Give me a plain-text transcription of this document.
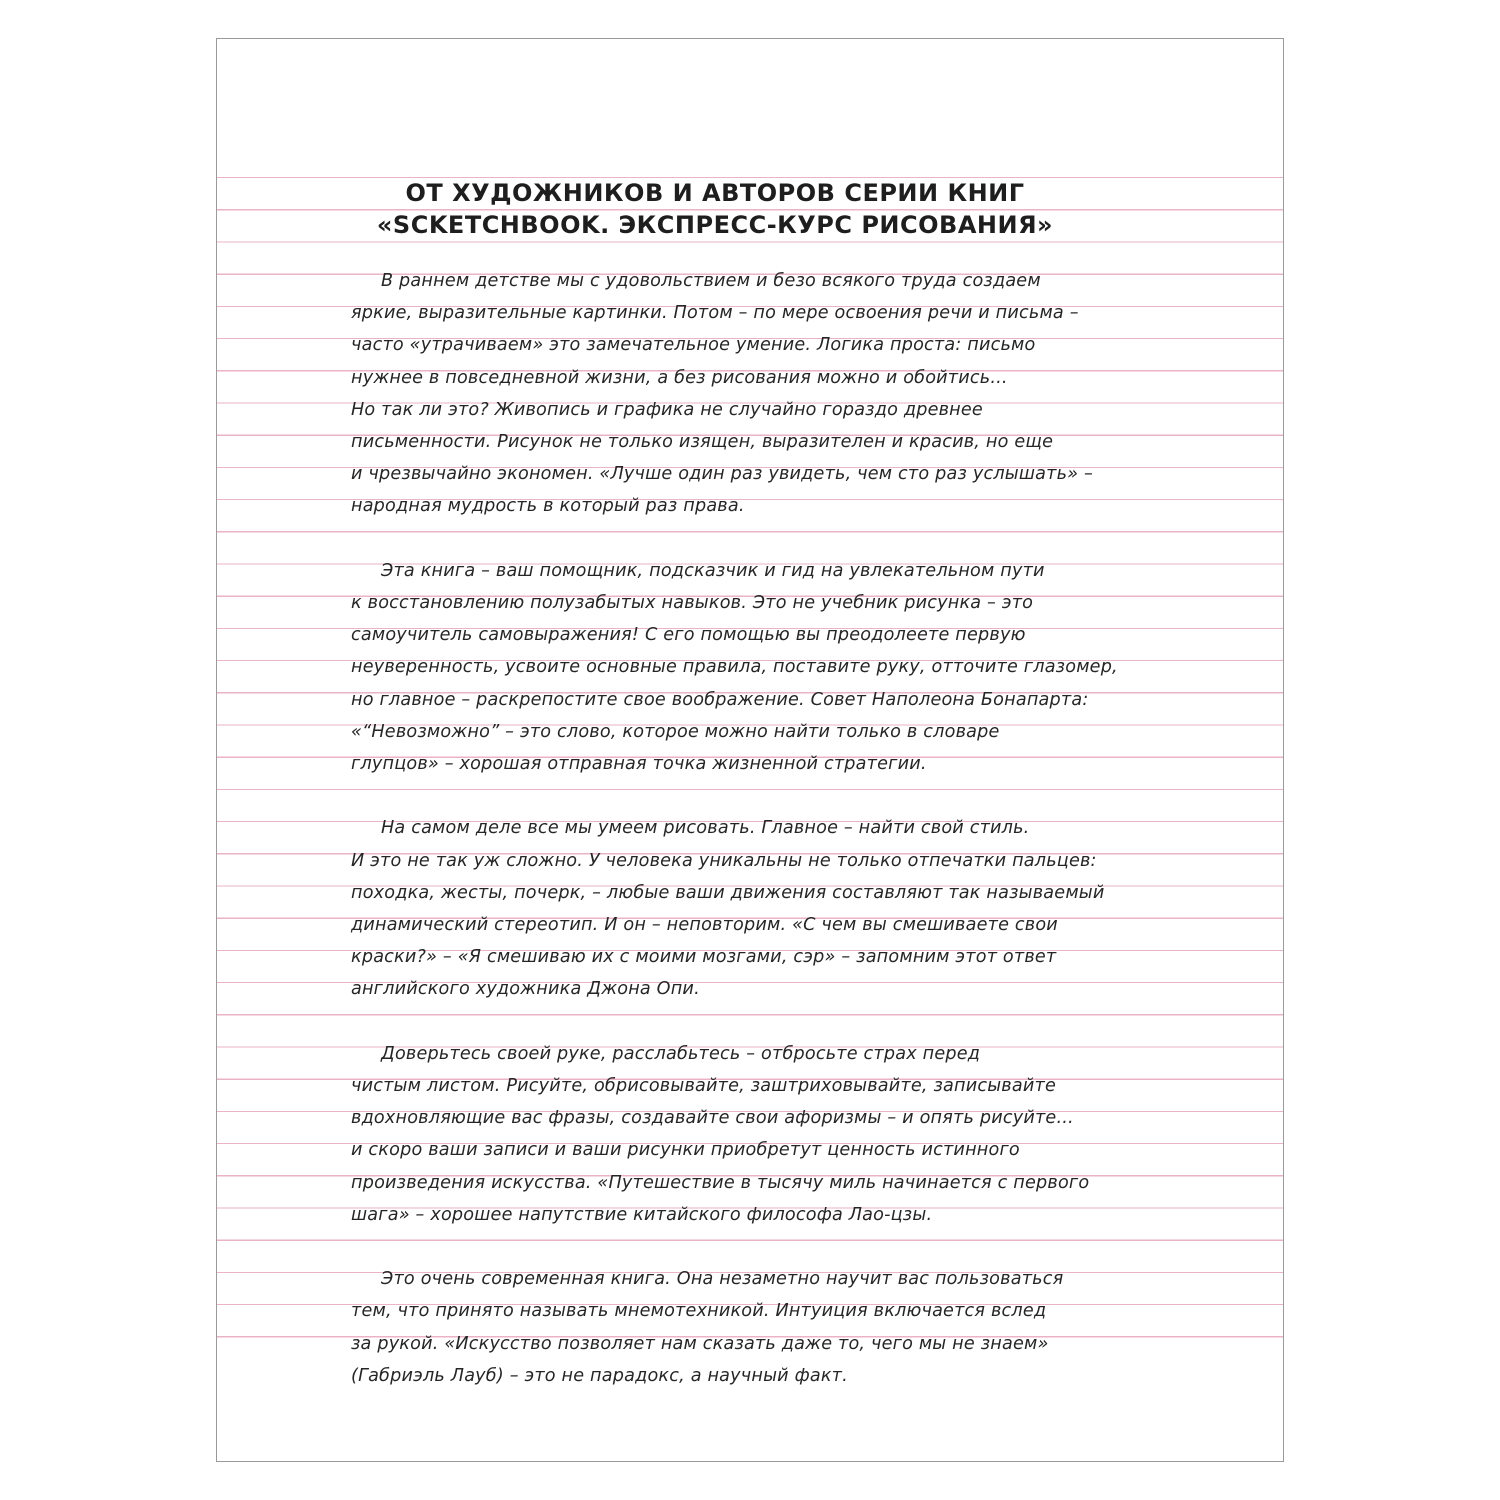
ОТ ХУДОЖНИКОВ И АВТОРОВ СЕРИИ КНИГ
«SCKETCHBOOK. ЭКСПРЕСС-КУРС РИСОВАНИЯ»

В раннем детстве мы с удовольствием и безо всякого труда создаем
яркие, выразительные картинки. Потом – по мере освоения речи и письма –
часто «утрачиваем» это замечательное умение. Логика проста: письмо
нужнее в повседневной жизни, а без рисования можно и обойтись...
Но так ли это? Живопись и графика не случайно гораздо древнее
письменности. Рисунок не только изящен, выразителен и красив, но еще
и чрезвычайно экономен. «Лучше один раз увидеть, чем сто раз услышать» –
народная мудрость в который раз права.

Эта книга – ваш помощник, подсказчик и гид на увлекательном пути
к восстановлению полузабытых навыков. Это не учебник рисунка – это
самоучитель самовыражения! С его помощью вы преодолеете первую
неуверенность, усвоите основные правила, поставите руку, отточите глазомер,
но главное – раскрепостите свое воображение. Совет Наполеона Бонапарта:
«“Невозможно” – это слово, которое можно найти только в словаре
глупцов» – хорошая отправная точка жизненной стратегии.

На самом деле все мы умеем рисовать. Главное – найти свой стиль.
И это не так уж сложно. У человека уникальны не только отпечатки пальцев:
походка, жесты, почерк, – любые ваши движения составляют так называемый
динамический стереотип. И он – неповторим. «С чем вы смешиваете свои
краски?» – «Я смешиваю их с моими мозгами, сэр» – запомним этот ответ
английского художника Джона Опи.

Доверьтесь своей руке, расслабьтесь – отбросьте страх перед
чистым листом. Рисуйте, обрисовывайте, заштриховывайте, записывайте
вдохновляющие вас фразы, создавайте свои афоризмы – и опять рисуйте...
и скоро ваши записи и ваши рисунки приобретут ценность истинного
произведения искусства. «Путешествие в тысячу миль начинается с первого
шага» – хорошее напутствие китайского философа Лао-цзы.

Это очень современная книга. Она незаметно научит вас пользоваться
тем, что принято называть мнемотехникой. Интуиция включается вслед
за рукой. «Искусство позволяет нам сказать даже то, чего мы не знаем»
(Габриэль Лауб) – это не парадокс, а научный факт.
